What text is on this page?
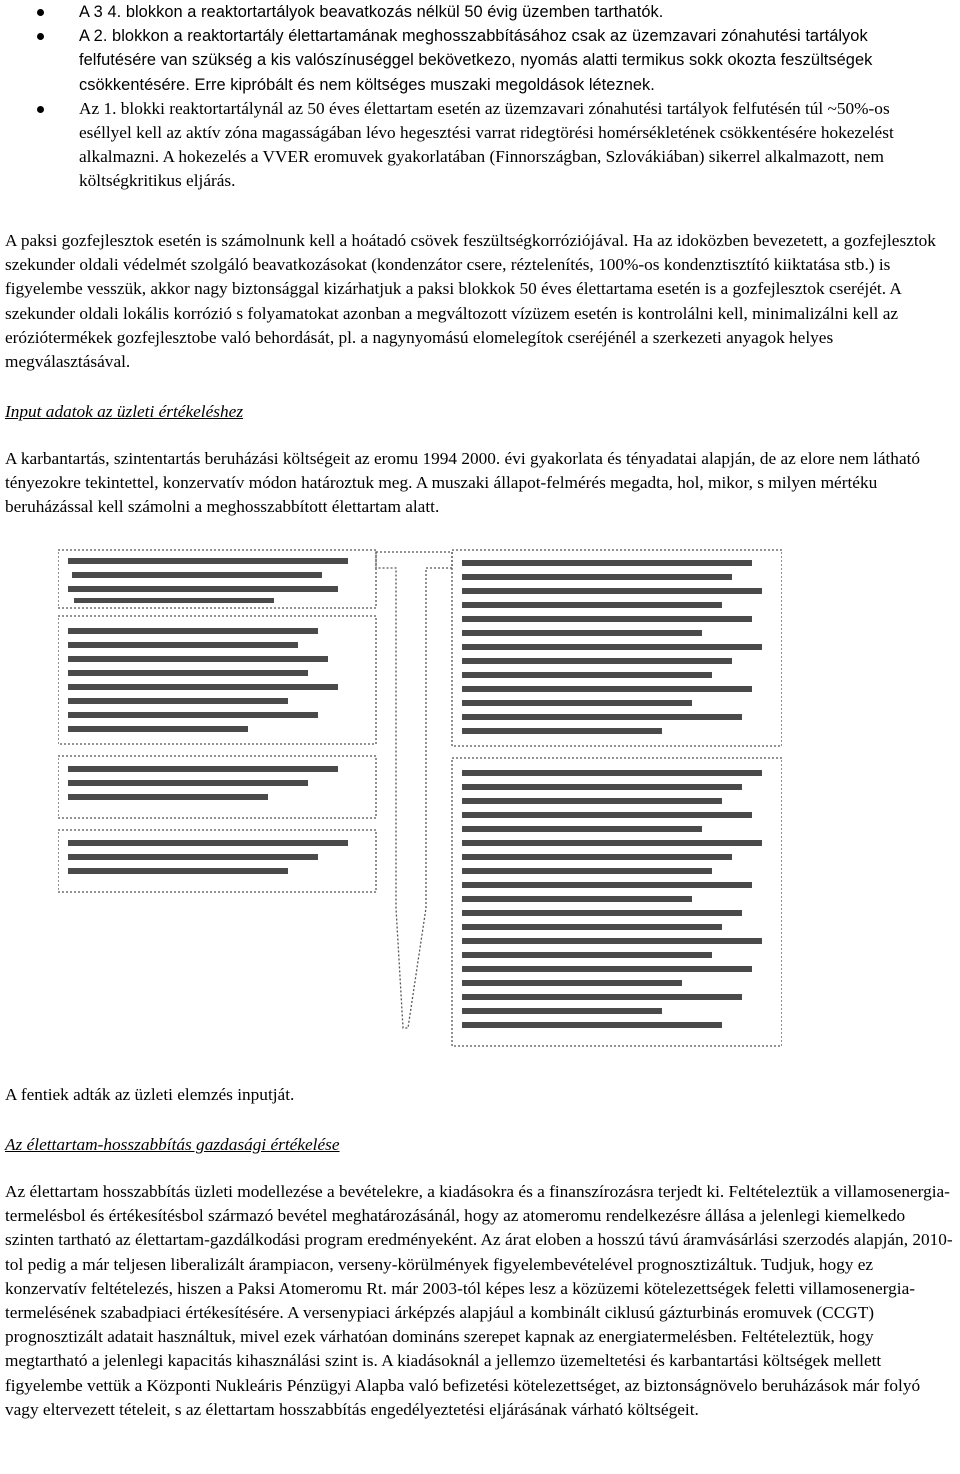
A 3 4. blokkon a reaktortartályok beavatkozás nélkül 50 évig üzemben tarthatók.
A 2. blokkon a reaktortartály élettartamának meghosszabbításához csak az üzemzavari zónahutési tartályok felfutésére van szükség a kis valószínuséggel bekövetkezo, nyomás alatti termikus sokk okozta feszültségek csökkentésére. Erre kipróbált és nem költséges muszaki megoldások léteznek.
Az 1. blokki reaktortartálynál az 50 éves élettartam esetén az üzemzavari zónahutési tartályok felfutésén túl ~50%-os eséllyel kell az aktív zóna magasságában lévo hegesztési varrat ridegtörési homérsékletének csökkentésére hokezelést alkalmazni. A hokezelés a VVER eromuvek gyakorlatában (Finnországban, Szlovákiában) sikerrel alkalmazott, nem költségkritikus eljárás.

A paksi gozfejlesztok esetén is számolnunk kell a hoátadó csövek feszültségkorróziójával. Ha az idoközben bevezetett, a gozfejlesztok szekunder oldali védelmét szolgáló beavatkozásokat (kondenzátor csere, réztelenítés, 100%-os kondenztisztító kiiktatása stb.) is figyelembe vesszük, akkor nagy biztonsággal kizárhatjuk a paksi blokkok 50 éves élettartama esetén is a gozfejlesztok cseréjét. A szekunder oldali lokális korrózió s folyamatokat azonban a megváltozott vízüzem esetén is kontrolálni kell, minimalizálni kell az eróziótermékek gozfejlesztobe való behordását, pl. a nagynyomású elomelegítok cseréjénél a szerkezeti anyagok helyes megválasztásával.

Input adatok az üzleti értékeléshez

A karbantartás, szintentartás beruházási költségeit az eromu 1994 2000. évi gyakorlata és tényadatai alapján, de az elore nem látható tényezokre tekintettel, konzervatív módon határoztuk meg. A muszaki állapot-felmérés megadta, hol, mikor, s milyen mértéku beruházással kell számolni a meghosszabbított élettartam alatt.

A fentiek adták az üzleti elemzés inputját.

Az élettartam-hosszabbítás gazdasági értékelése

Az élettartam hosszabbítás üzleti modellezése a bevételekre, a kiadásokra és a finanszírozásra terjedt ki. Feltételeztük a villamosenergia-termelésbol és értékesítésbol származó bevétel meghatározásánál, hogy az atomeromu rendelkezésre állása a jelenlegi kiemelkedo szinten tartható az élettartam-gazdálkodási program eredményeként. Az árat eloben a hosszú távú áramvásárlási szerzodés alapján, 2010-tol pedig a már teljesen liberalizált árampiacon, verseny-körülmények figyelembevételével prognosztizáltuk. Tudjuk, hogy ez konzervatív feltételezés, hiszen a Paksi Atomeromu Rt. már 2003-tól képes lesz a közüzemi kötelezettségek feletti villamosenergia-termelésének szabadpiaci értékesítésére. A versenypiaci árképzés alapjául a kombinált ciklusú gázturbinás eromuvek (CCGT) prognosztizált adatait használtuk, mivel ezek várhatóan domináns szerepet kapnak az energiatermelésben. Feltételeztük, hogy megtartható a jelenlegi kapacitás kihasználási szint is. A kiadásoknál a jellemzo üzemeltetési és karbantartási költségek mellett figyelembe vettük a Központi Nukleáris Pénzügyi Alapba való befizetési kötelezettséget, az biztonságnövelo beruházások már folyó vagy eltervezett tételeit, s az élettartam hosszabbítás engedélyeztetési eljárásának várható költségeit.
